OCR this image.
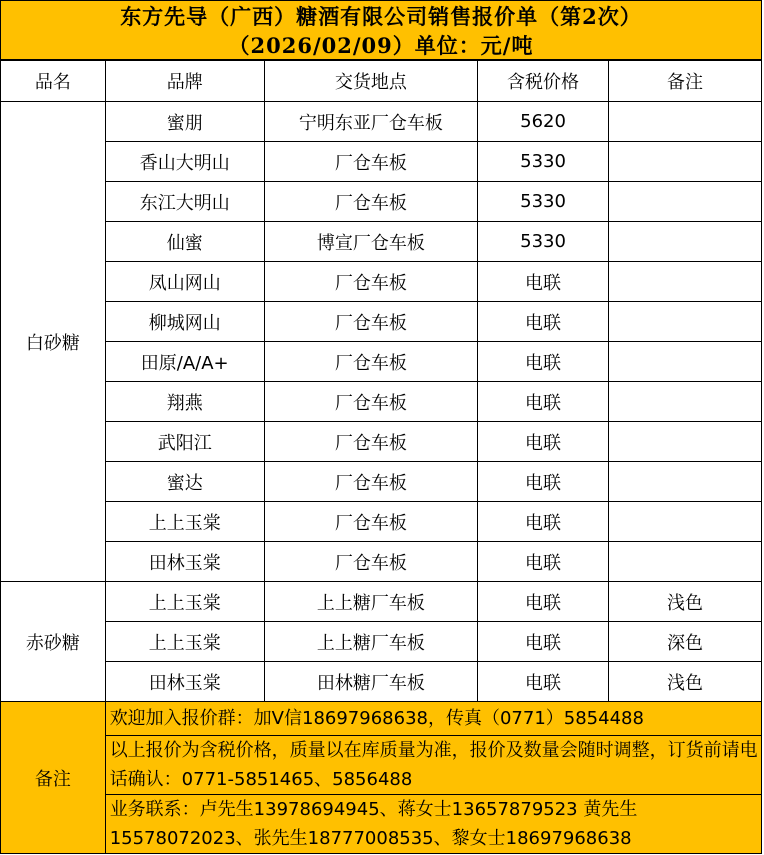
东方先导（广西）糖酒有限公司销售报价单（第2次）
（2026/02/09）单位：元/吨
品名	品牌	交货地点	含税价格	备注
白砂糖	蜜朋	宁明东亚厂仓车板	5620	
	香山大明山	厂仓车板	5330	
	东江大明山	厂仓车板	5330	
	仙蜜	博宣厂仓车板	5330	
	凤山网山	厂仓车板	电联	
	柳城网山	厂仓车板	电联	
	田原/A/A+	厂仓车板	电联	
	翔燕	厂仓车板	电联	
	武阳江	厂仓车板	电联	
	蜜达	厂仓车板	电联	
	上上玉棠	厂仓车板	电联	
	田林玉棠	厂仓车板	电联	
赤砂糖	上上玉棠	上上糖厂车板	电联	浅色
	上上玉棠	上上糖厂车板	电联	深色
	田林玉棠	田林糖厂车板	电联	浅色
备注	欢迎加入报价群：加V信18697968638，传真（0771）5854488			
	以上报价为含税价格，质量以在库质量为准，报价及数量会随时调整，订货前请电话确认：0771-5851465、5856488			
	业务联系：卢先生13978694945、蒋女士13657879523 黄先生15578072023、张先生18777008535、黎女士18697968638			
